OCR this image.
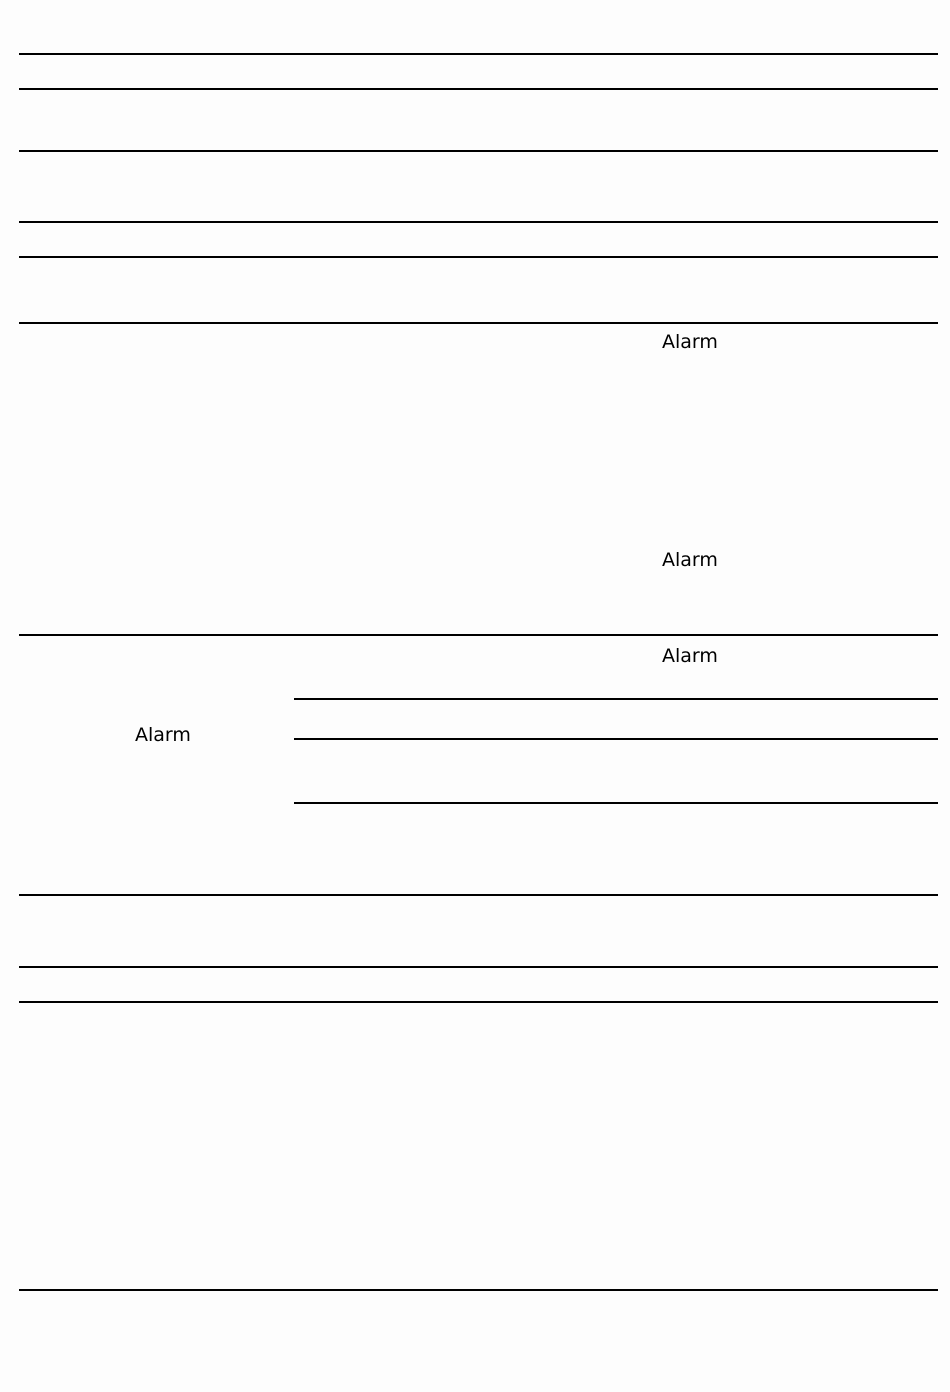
Alarm
Alarm
Alarm
Alarm
